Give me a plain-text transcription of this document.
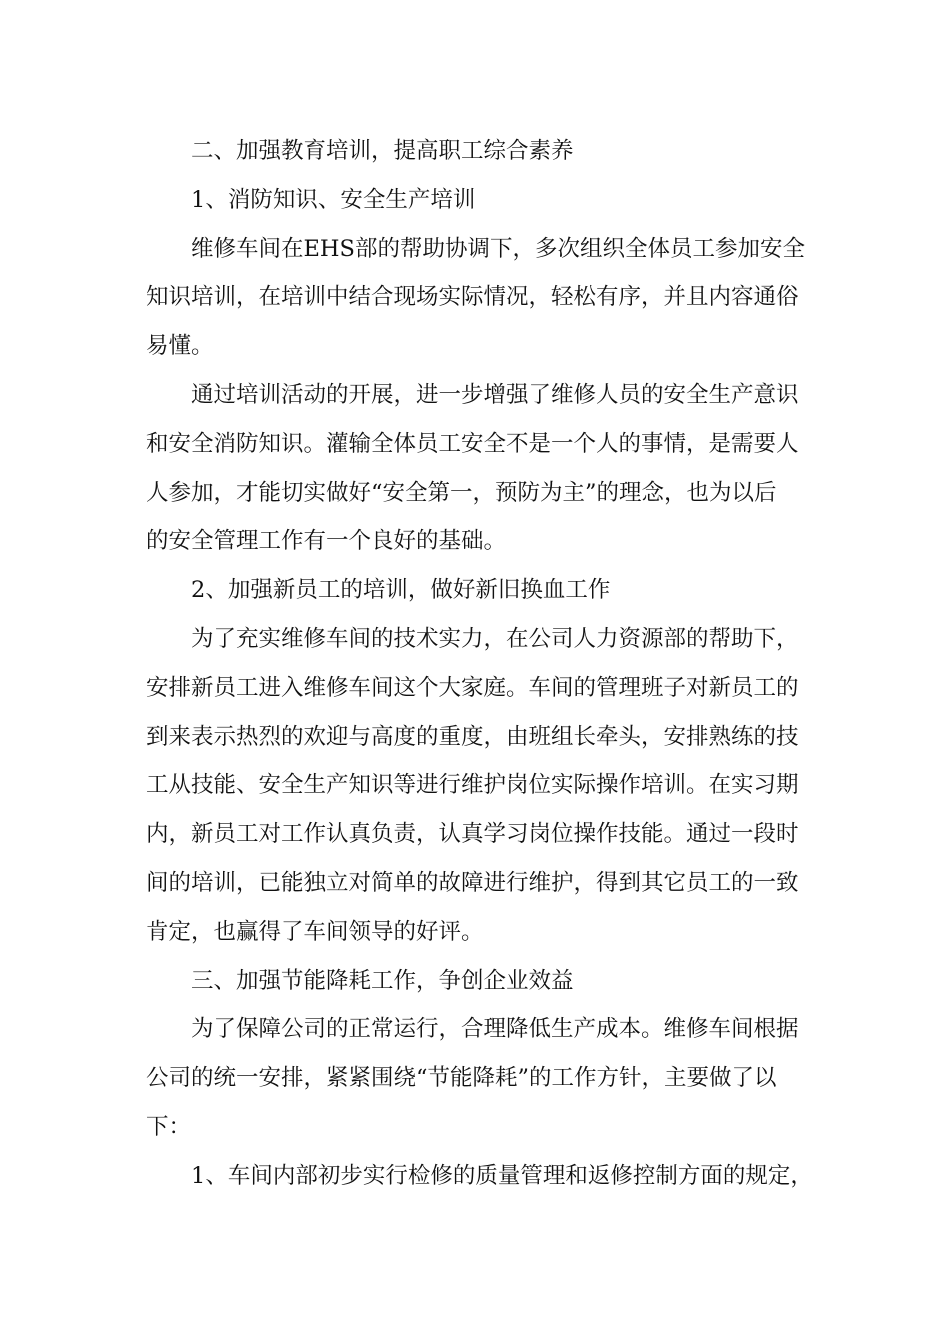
二、加强教育培训，提高职工综合素养
1、消防知识、安全生产培训
维修车间在EHS部的帮助协调下，多次组织全体员工参加安全
知识培训，在培训中结合现场实际情况，轻松有序，并且内容通俗
易懂。
通过培训活动的开展，进一步增强了维修人员的安全生产意识
和安全消防知识。灌输全体员工安全不是一个人的事情，是需要人
人参加，才能切实做好“安全第一，预防为主”的理念，也为以后
的安全管理工作有一个良好的基础。
2、加强新员工的培训，做好新旧换血工作
为了充实维修车间的技术实力，在公司人力资源部的帮助下，
安排新员工进入维修车间这个大家庭。车间的管理班子对新员工的
到来表示热烈的欢迎与高度的重度，由班组长牵头，安排熟练的技
工从技能、安全生产知识等进行维护岗位实际操作培训。在实习期
内，新员工对工作认真负责，认真学习岗位操作技能。通过一段时
间的培训，已能独立对简单的故障进行维护，得到其它员工的一致
肯定，也赢得了车间领导的好评。
三、加强节能降耗工作，争创企业效益
为了保障公司的正常运行，合理降低生产成本。维修车间根据
公司的统一安排，紧紧围绕“节能降耗”的工作方针，主要做了以
下：
1、车间内部初步实行检修的质量管理和返修控制方面的规定，
